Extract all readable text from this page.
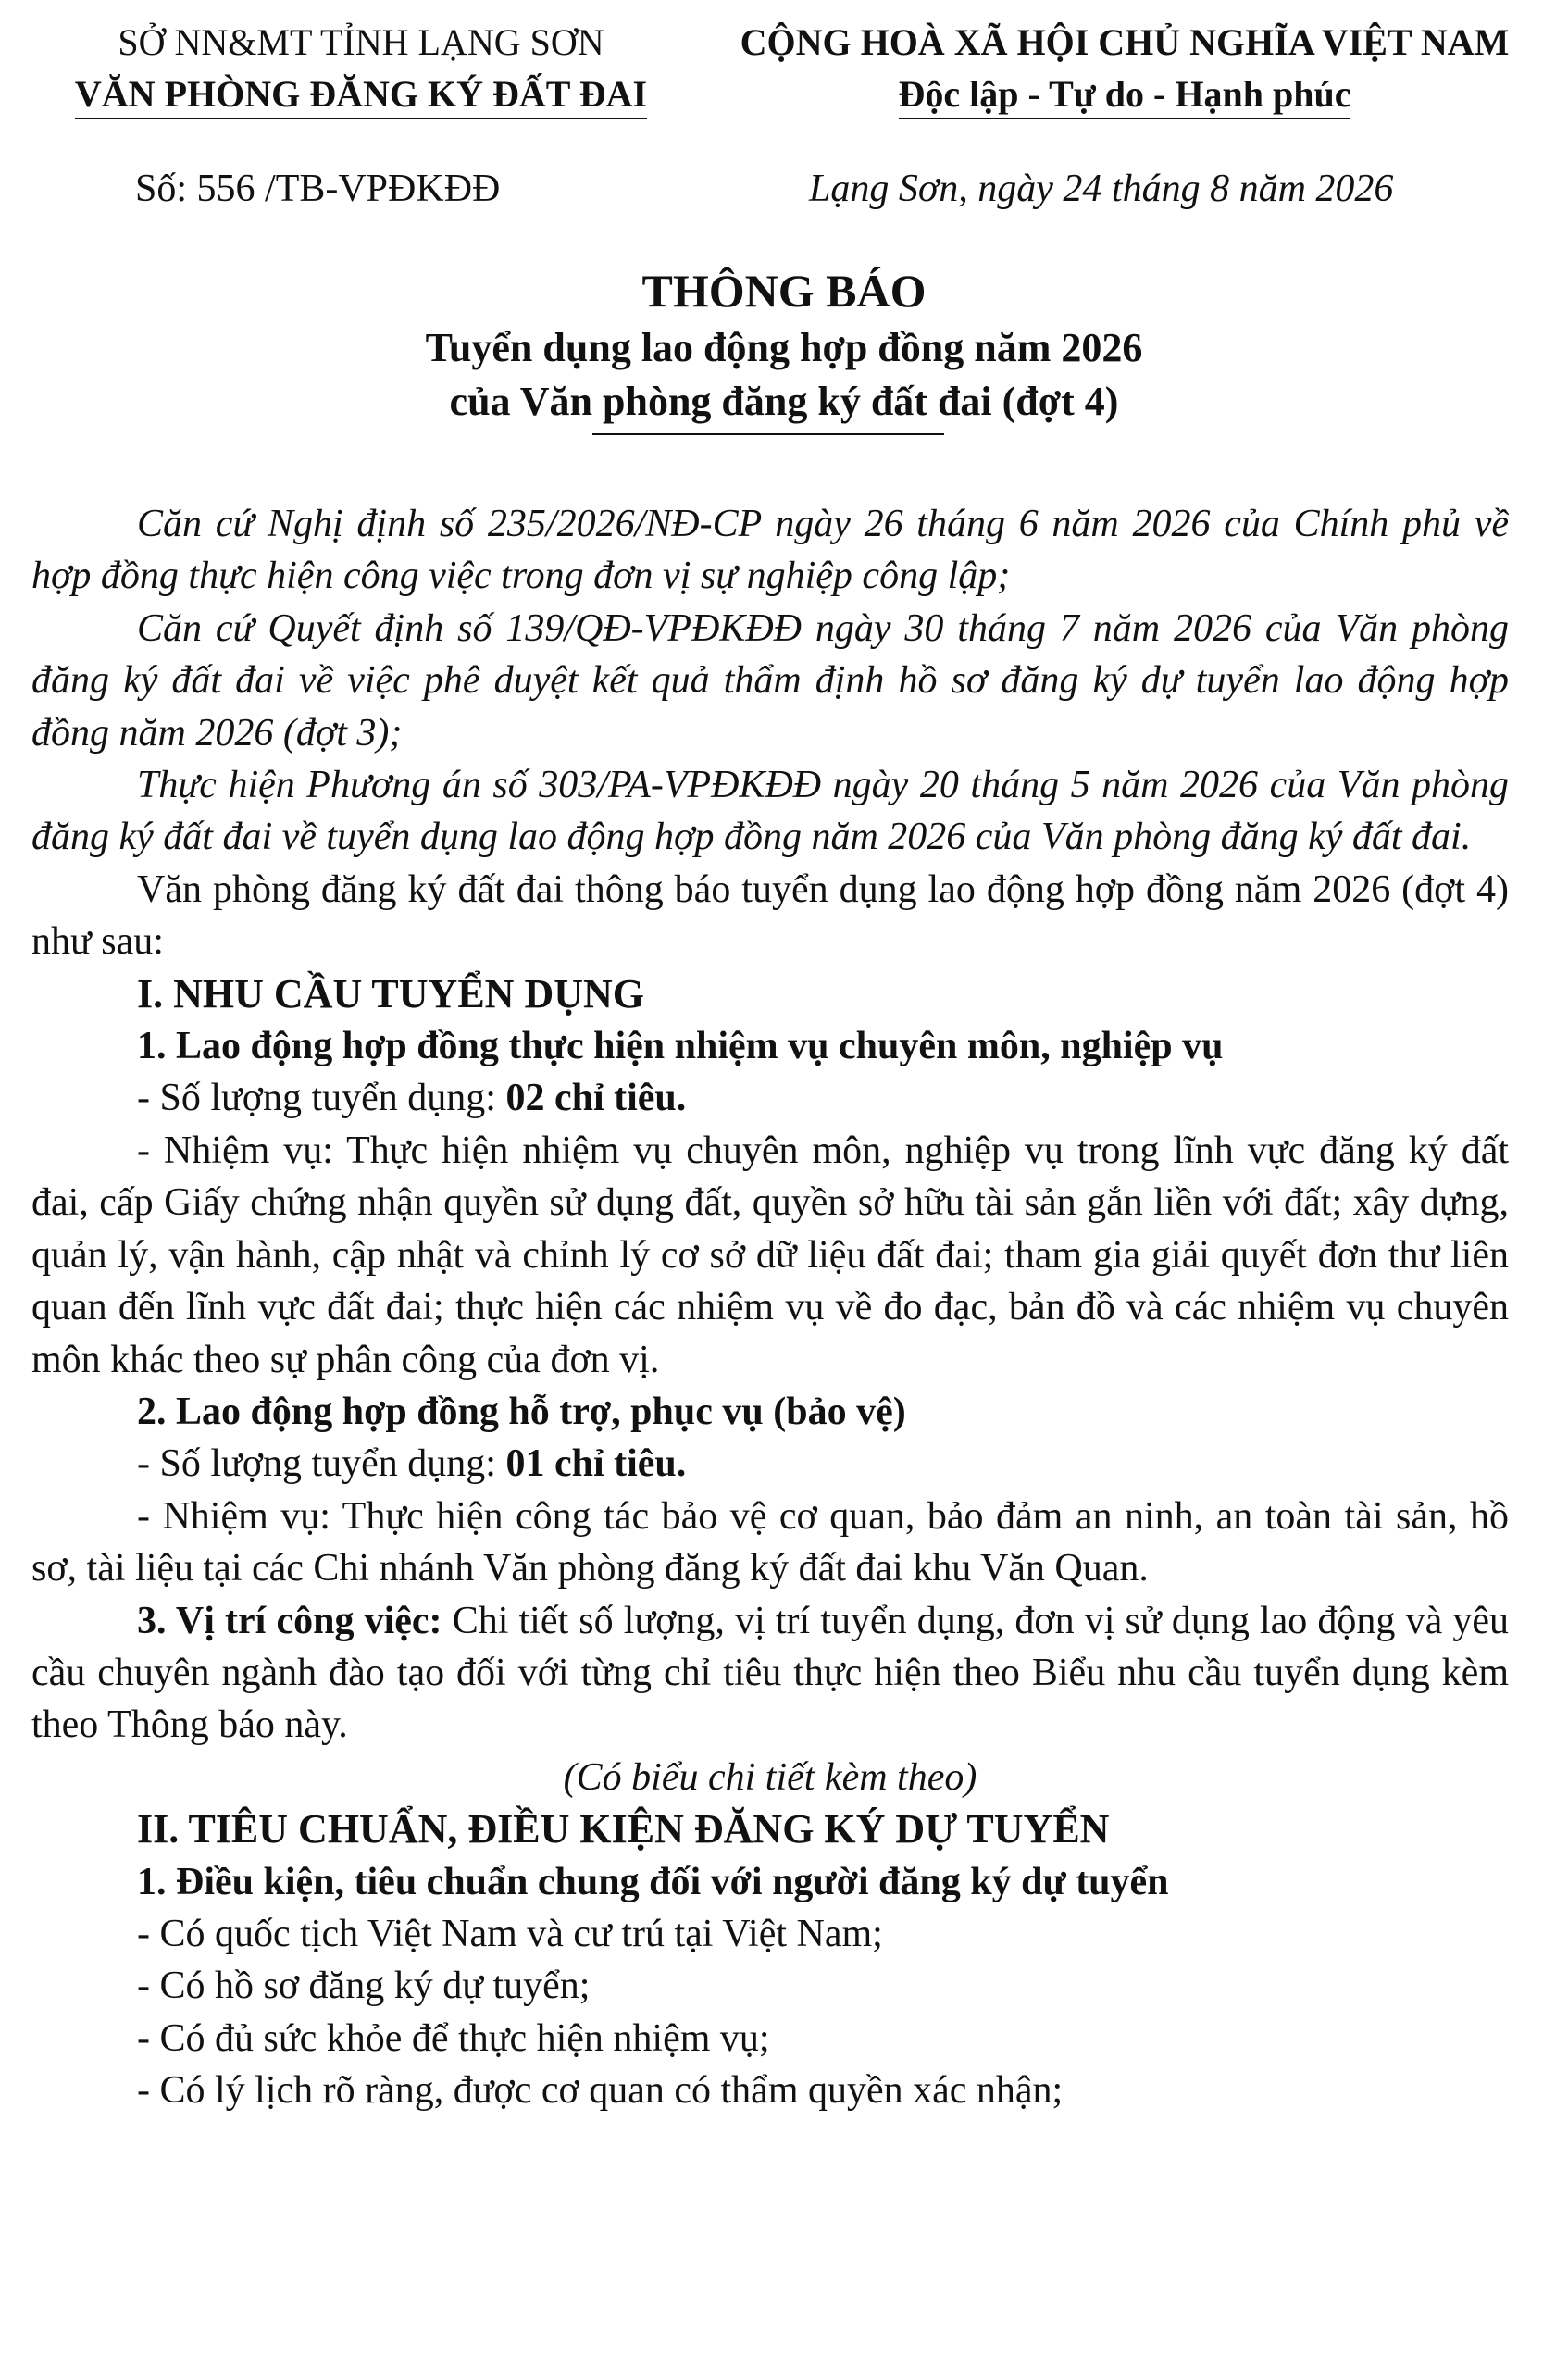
SỞ NN&MT TỈNH LẠNG SƠN
VĂN PHÒNG ĐĂNG KÝ ĐẤT ĐAI
CỘNG HOÀ XÃ HỘI CHỦ NGHĨA VIỆT NAM
Độc lập - Tự do - Hạnh phúc
Số: 556 /TB-VPĐKĐĐ	Lạng Sơn, ngày 24 tháng 8 năm 2026
THÔNG BÁO
Tuyển dụng lao động hợp đồng năm 2026
của Văn phòng đăng ký đất đai (đợt 4)

Căn cứ Nghị định số 235/2026/NĐ-CP ngày 26 tháng 6 năm 2026 của Chính phủ về hợp đồng thực hiện công việc trong đơn vị sự nghiệp công lập;

Căn cứ Quyết định số 139/QĐ-VPĐKĐĐ ngày 30 tháng 7 năm 2026 của Văn phòng đăng ký đất đai về việc phê duyệt kết quả thẩm định hồ sơ đăng ký dự tuyển lao động hợp đồng năm 2026 (đợt 3);

Thực hiện Phương án số 303/PA-VPĐKĐĐ ngày 20 tháng 5 năm 2026 của Văn phòng đăng ký đất đai về tuyển dụng lao động hợp đồng năm 2026 của Văn phòng đăng ký đất đai.

Văn phòng đăng ký đất đai thông báo tuyển dụng lao động hợp đồng năm 2026 (đợt 4) như sau:

I. NHU CẦU TUYỂN DỤNG

1. Lao động hợp đồng thực hiện nhiệm vụ chuyên môn, nghiệp vụ

- Số lượng tuyển dụng: 02 chỉ tiêu.

- Nhiệm vụ: Thực hiện nhiệm vụ chuyên môn, nghiệp vụ trong lĩnh vực đăng ký đất đai, cấp Giấy chứng nhận quyền sử dụng đất, quyền sở hữu tài sản gắn liền với đất; xây dựng, quản lý, vận hành, cập nhật và chỉnh lý cơ sở dữ liệu đất đai; tham gia giải quyết đơn thư liên quan đến lĩnh vực đất đai; thực hiện các nhiệm vụ về đo đạc, bản đồ và các nhiệm vụ chuyên môn khác theo sự phân công của đơn vị.

2. Lao động hợp đồng hỗ trợ, phục vụ (bảo vệ)

- Số lượng tuyển dụng: 01 chỉ tiêu.

- Nhiệm vụ: Thực hiện công tác bảo vệ cơ quan, bảo đảm an ninh, an toàn tài sản, hồ sơ, tài liệu tại các Chi nhánh Văn phòng đăng ký đất đai khu Văn Quan.

3. Vị trí công việc: Chi tiết số lượng, vị trí tuyển dụng, đơn vị sử dụng lao động và yêu cầu chuyên ngành đào tạo đối với từng chỉ tiêu thực hiện theo Biểu nhu cầu tuyển dụng kèm theo Thông báo này.

(Có biểu chi tiết kèm theo)

II. TIÊU CHUẨN, ĐIỀU KIỆN ĐĂNG KÝ DỰ TUYỂN

1. Điều kiện, tiêu chuẩn chung đối với người đăng ký dự tuyển

- Có quốc tịch Việt Nam và cư trú tại Việt Nam;

- Có hồ sơ đăng ký dự tuyển;

- Có đủ sức khỏe để thực hiện nhiệm vụ;

- Có lý lịch rõ ràng, được cơ quan có thẩm quyền xác nhận;
